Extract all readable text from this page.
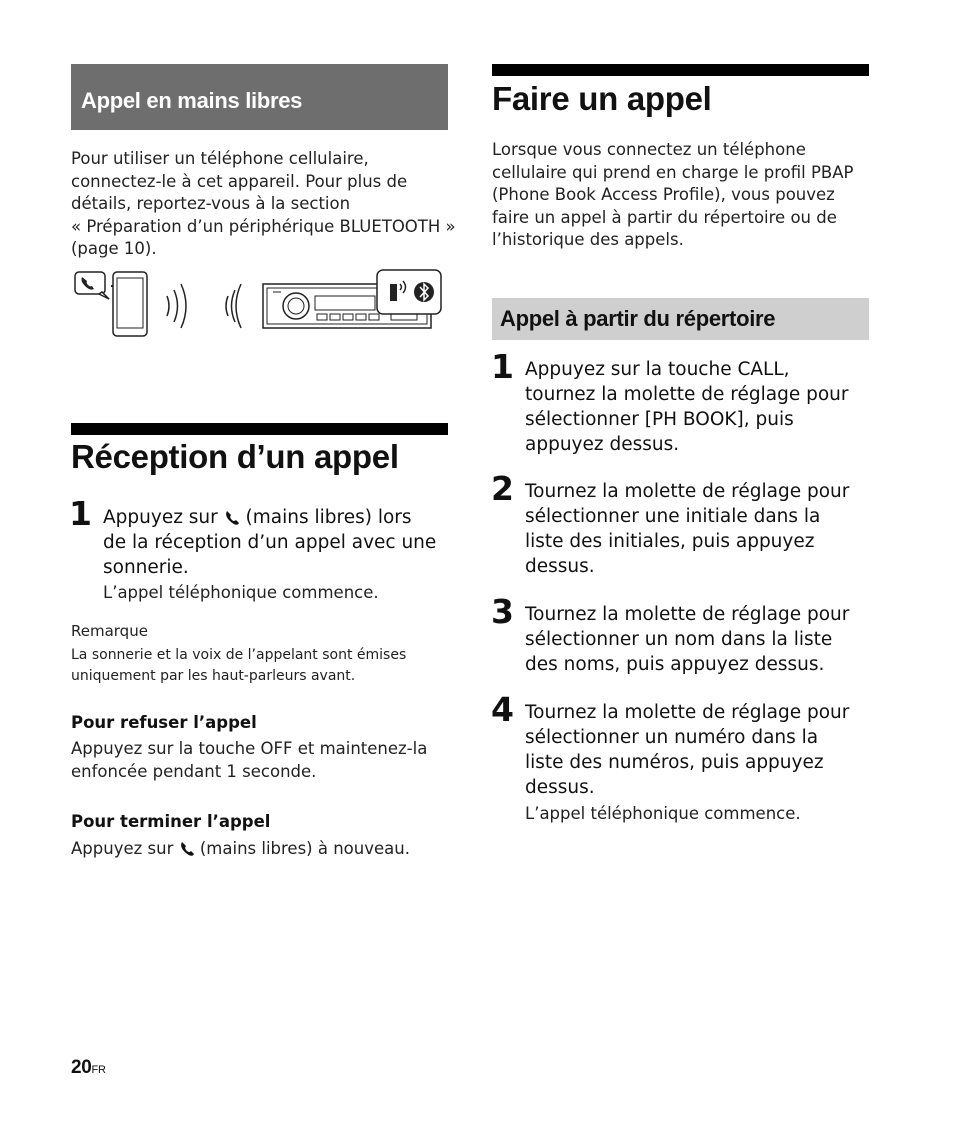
Appel en mains libres
Pour utiliser un téléphone cellulaire,
connectez-le à cet appareil. Pour plus de
détails, reportez-vous à la section
« Préparation d’un périphérique BLUETOOTH »
(page 10).
Réception d’un appel
1 Appuyez sur (mains libres) lors
de la réception d’un appel avec une
sonnerie.
L’appel téléphonique commence.
Remarque
La sonnerie et la voix de l’appelant sont émises
uniquement par les haut-parleurs avant.
Pour refuser l’appel
Appuyez sur la touche OFF et maintenez-la
enfoncée pendant 1 seconde.
Pour terminer l’appel
Appuyez sur (mains libres) à nouveau.
Faire un appel
Lorsque vous connectez un téléphone
cellulaire qui prend en charge le profil PBAP
(Phone Book Access Profile), vous pouvez
faire un appel à partir du répertoire ou de
l’historique des appels.
Appel à partir du répertoire
1 Appuyez sur la touche CALL,
tournez la molette de réglage pour
sélectionner [PH BOOK], puis
appuyez dessus.
2 Tournez la molette de réglage pour
sélectionner une initiale dans la
liste des initiales, puis appuyez
dessus.
3 Tournez la molette de réglage pour
sélectionner un nom dans la liste
des noms, puis appuyez dessus.
4 Tournez la molette de réglage pour
sélectionner un numéro dans la
liste des numéros, puis appuyez
dessus.
L’appel téléphonique commence.
20FR
